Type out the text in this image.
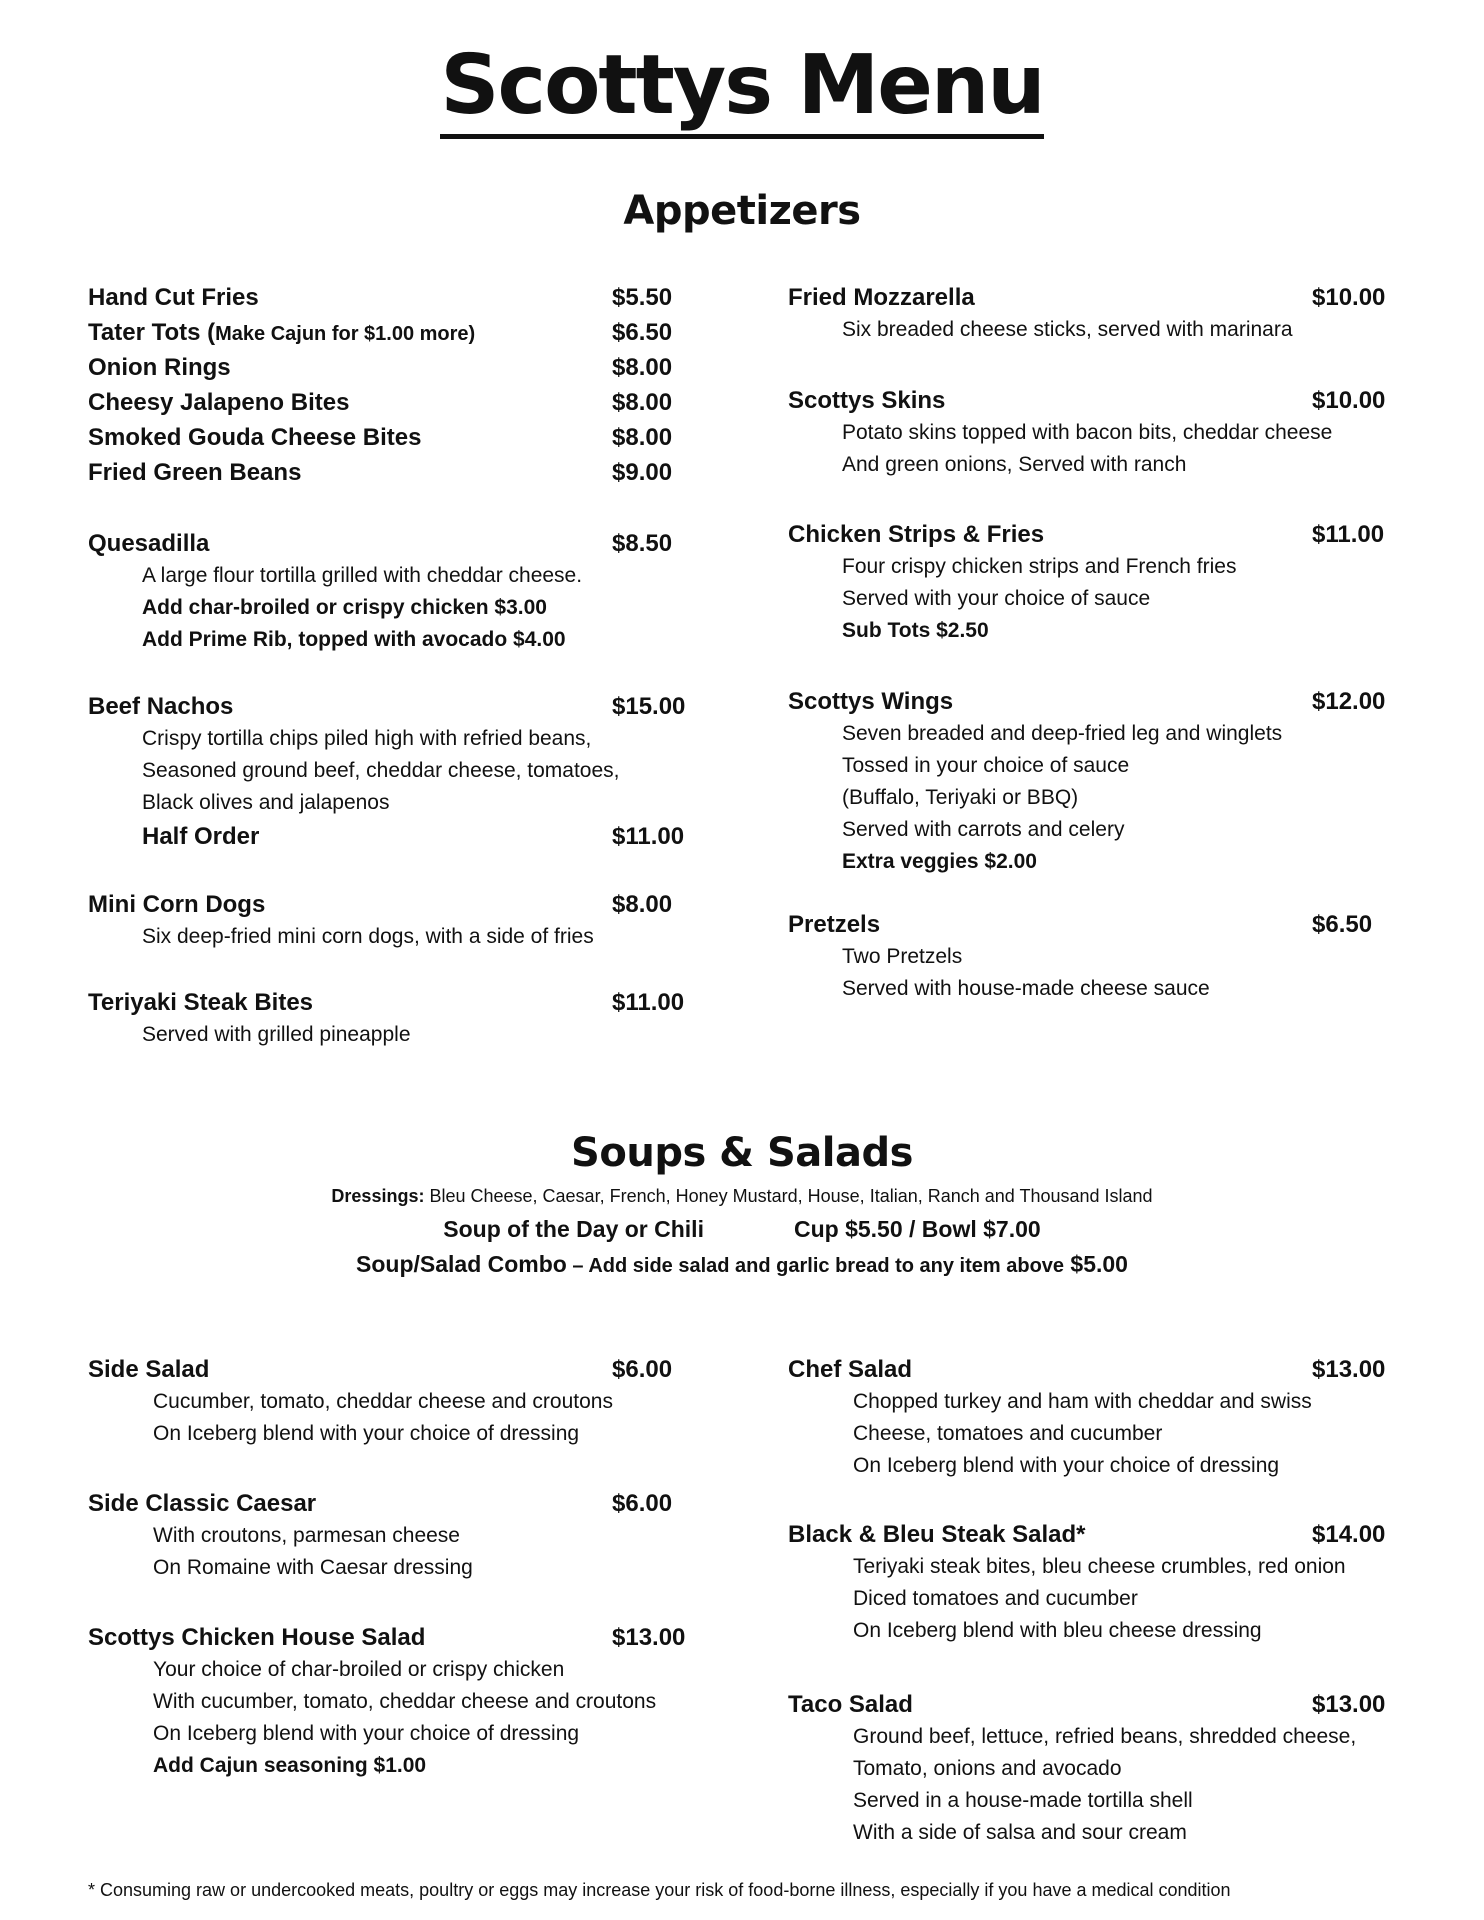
Scottys Menu
Appetizers
Hand Cut Fries	$5.50
Tater Tots (Make Cajun for $1.00 more)	$6.50
Onion Rings	$8.00
Cheesy Jalapeno Bites	$8.00
Smoked Gouda Cheese Bites	$8.00
Fried Green Beans	$9.00
Quesadilla	$8.50
A large flour tortilla grilled with cheddar cheese.
Add char-broiled or crispy chicken $3.00
Add Prime Rib, topped with avocado $4.00
Beef Nachos	$15.00
Crispy tortilla chips piled high with refried beans,
Seasoned ground beef, cheddar cheese, tomatoes,
Black olives and jalapenos
Half Order	$11.00
Mini Corn Dogs	$8.00
Six deep-fried mini corn dogs, with a side of fries
Teriyaki Steak Bites	$11.00
Served with grilled pineapple
Fried Mozzarella	$10.00
Six breaded cheese sticks, served with marinara
Scottys Skins	$10.00
Potato skins topped with bacon bits, cheddar cheese
And green onions, Served with ranch
Chicken Strips & Fries	$11.00
Four crispy chicken strips and French fries
Served with your choice of sauce
Sub Tots $2.50
Scottys Wings	$12.00
Seven breaded and deep-fried leg and winglets
Tossed in your choice of sauce
(Buffalo, Teriyaki or BBQ)
Served with carrots and celery
Extra veggies $2.00
Pretzels	$6.50
Two Pretzels
Served with house-made cheese sauce
Soups & Salads
Dressings: Bleu Cheese, Caesar, French, Honey Mustard, House, Italian, Ranch and Thousand Island
Soup of the Day or Chili	Cup $5.50 / Bowl $7.00
Soup/Salad Combo – Add side salad and garlic bread to any item above $5.00
Side Salad	$6.00
Cucumber, tomato, cheddar cheese and croutons
On Iceberg blend with your choice of dressing
Side Classic Caesar	$6.00
With croutons, parmesan cheese
On Romaine with Caesar dressing
Scottys Chicken House Salad	$13.00
Your choice of char-broiled or crispy chicken
With cucumber, tomato, cheddar cheese and croutons
On Iceberg blend with your choice of dressing
Add Cajun seasoning $1.00
Chef Salad	$13.00
Chopped turkey and ham with cheddar and swiss
Cheese, tomatoes and cucumber
On Iceberg blend with your choice of dressing
Black & Bleu Steak Salad*	$14.00
Teriyaki steak bites, bleu cheese crumbles, red onion
Diced tomatoes and cucumber
On Iceberg blend with bleu cheese dressing
Taco Salad	$13.00
Ground beef, lettuce, refried beans, shredded cheese,
Tomato, onions and avocado
Served in a house-made tortilla shell
With a side of salsa and sour cream
* Consuming raw or undercooked meats, poultry or eggs may increase your risk of food-borne illness, especially if you have a medical condition
